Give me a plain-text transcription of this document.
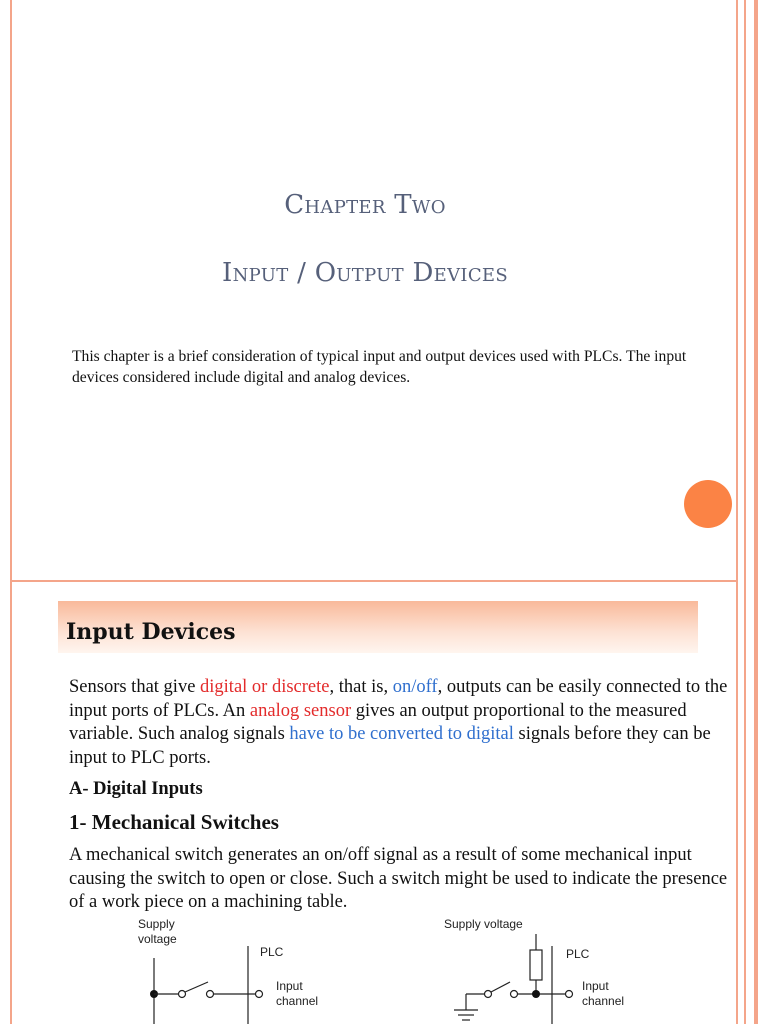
Chapter Two
Input / Output Devices
This chapter is a brief consideration of typical input and output devices used with PLCs. The input devices considered include digital and analog devices.
Input Devices
Sensors that give digital or discrete, that is, on/off, outputs can be easily connected to the input ports of PLCs. An analog sensor gives an output proportional to the measured variable. Such analog signals have to be converted to digital signals before they can be input to PLC ports.
A- Digital Inputs
1- Mechanical Switches
A mechanical switch generates an on/off signal as a result of some mechanical input causing the switch to open or close. Such a switch might be used to indicate the presence of a work piece on a machining table.
Supply
voltage
PLC
Input
channel
Supply voltage
PLC
Input
channel
